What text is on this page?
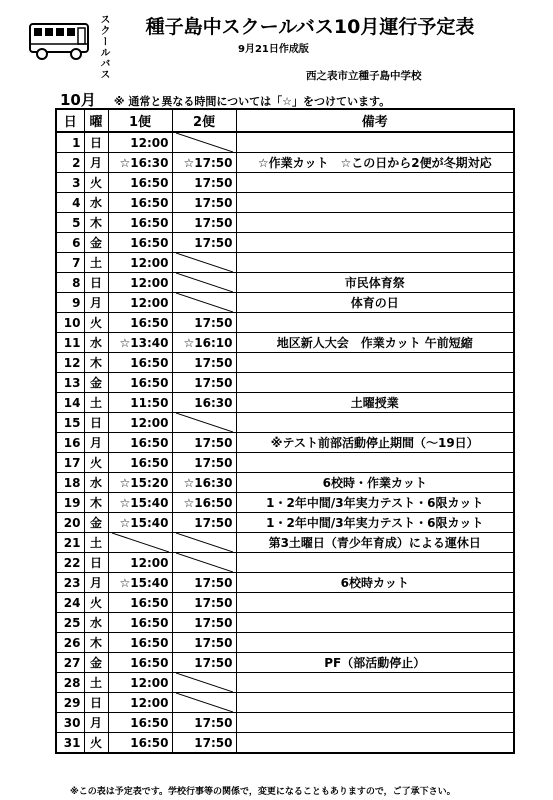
スクールバス	種子島中スクールバス10月運行予定表
9月21日作成版
西之表市立種子島中学校
10月 ※ 通常と異なる時間については「☆」をつけています。
日	曜	1便	2便	備考
1	日	12:00	

2	月	☆16:30	☆17:50	☆作業カット　☆この日から2便が冬期対応
3	火	16:50	17:50	
4	水	16:50	17:50	
5	木	16:50	17:50	
6	金	16:50	17:50	
7	土	12:00	

8	日	12:00		市民体育祭
9	月	12:00		体育の日
10	火	16:50	17:50	
11	水	☆13:40	☆16:10	地区新人大会　作業カット 午前短縮
12	木	16:50	17:50	
13	金	16:50	17:50	
14	土	11:50	16:30	土曜授業
15	日	12:00	

16	月	16:50	17:50	※テスト前部活動停止期間（～19日）
17	火	16:50	17:50	
18	水	☆15:20	☆16:30	6校時・作業カット
19	木	☆15:40	☆16:50	1・2年中間/3年実力テスト・6限カット
20	金	☆15:40	17:50	1・2年中間/3年実力テスト・6限カット
21	土			第3土曜日（青少年育成）による運休日
22	日	12:00	

23	月	☆15:40	17:50	6校時カット
24	火	16:50	17:50	
25	水	16:50	17:50	
26	木	16:50	17:50	
27	金	16:50	17:50	PF（部活動停止）
28	土	12:00	

29	日	12:00	

30	月	16:50	17:50	
31	火	16:50	17:50	
※この表は予定表です。学校行事等の関係で，変更になることもありますので，ご了承下さい。
